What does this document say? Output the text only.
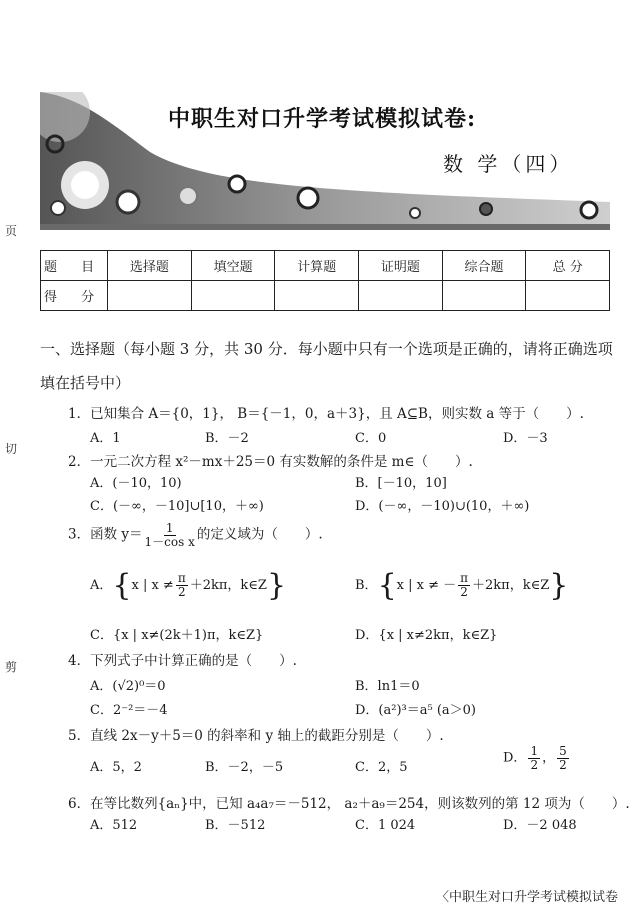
页
切
剪
中职生对口升学考试模拟试卷:
数 学（四）
题 目	选择题	填空题	计算题	证明题	综合题	总 分
得 分						
一、选择题（每小题 3 分，共 30 分．每小题中只有一个选项是正确的，请将正确选项
填在括号中）
1．已知集合 A＝{0，1}， B＝{－1，0，a＋3}，且 A⊆B，则实数 a 等于（　　）.
A．1	B．－2	C．0	D．－3
2．一元二次方程 x²－mx＋25＝0 有实数解的条件是 m∈（　　）.
A．(－10，10)	B．[－10，10]
C．(－∞，－10]∪[10，＋∞)	D．(－∞，－10)∪(10，＋∞)
3．函数 $y= \frac{1}{\text{1－cos x}}$ 的定义域为（　　）.
A．{x | $x \ne \frac{\pi}{2} +2k\pi$，k∈Z}	B．{x | x ≠ － $\frac{\pi}{2} +2k\pi$，k∈Z}
C．{x | x≠(2k＋1)π，k∈Z}	D．{x | x≠2kπ，k∈Z}
4．下列式子中计算正确的是（　　）.
A．(√2)⁰＝0	B．ln1＝0
C．2⁻²＝－4	D．(a²)³＝a⁵ (a＞0)
5．直线 2x－y＋5＝0 的斜率和 y 轴上的截距分别是（　　）.
A．5，2	B．－2，－5	C．2，5
D． $\frac{1}{2}$ ， $\frac{5}{2}$
6．在等比数列{aₙ}中，已知 a₄a₇＝－512， a₂＋a₉＝254，则该数列的第 12 项为（　　）.
A．512	B．－512	C．1 024	D．－2 048
〈中职生对口升学考试模拟试卷
